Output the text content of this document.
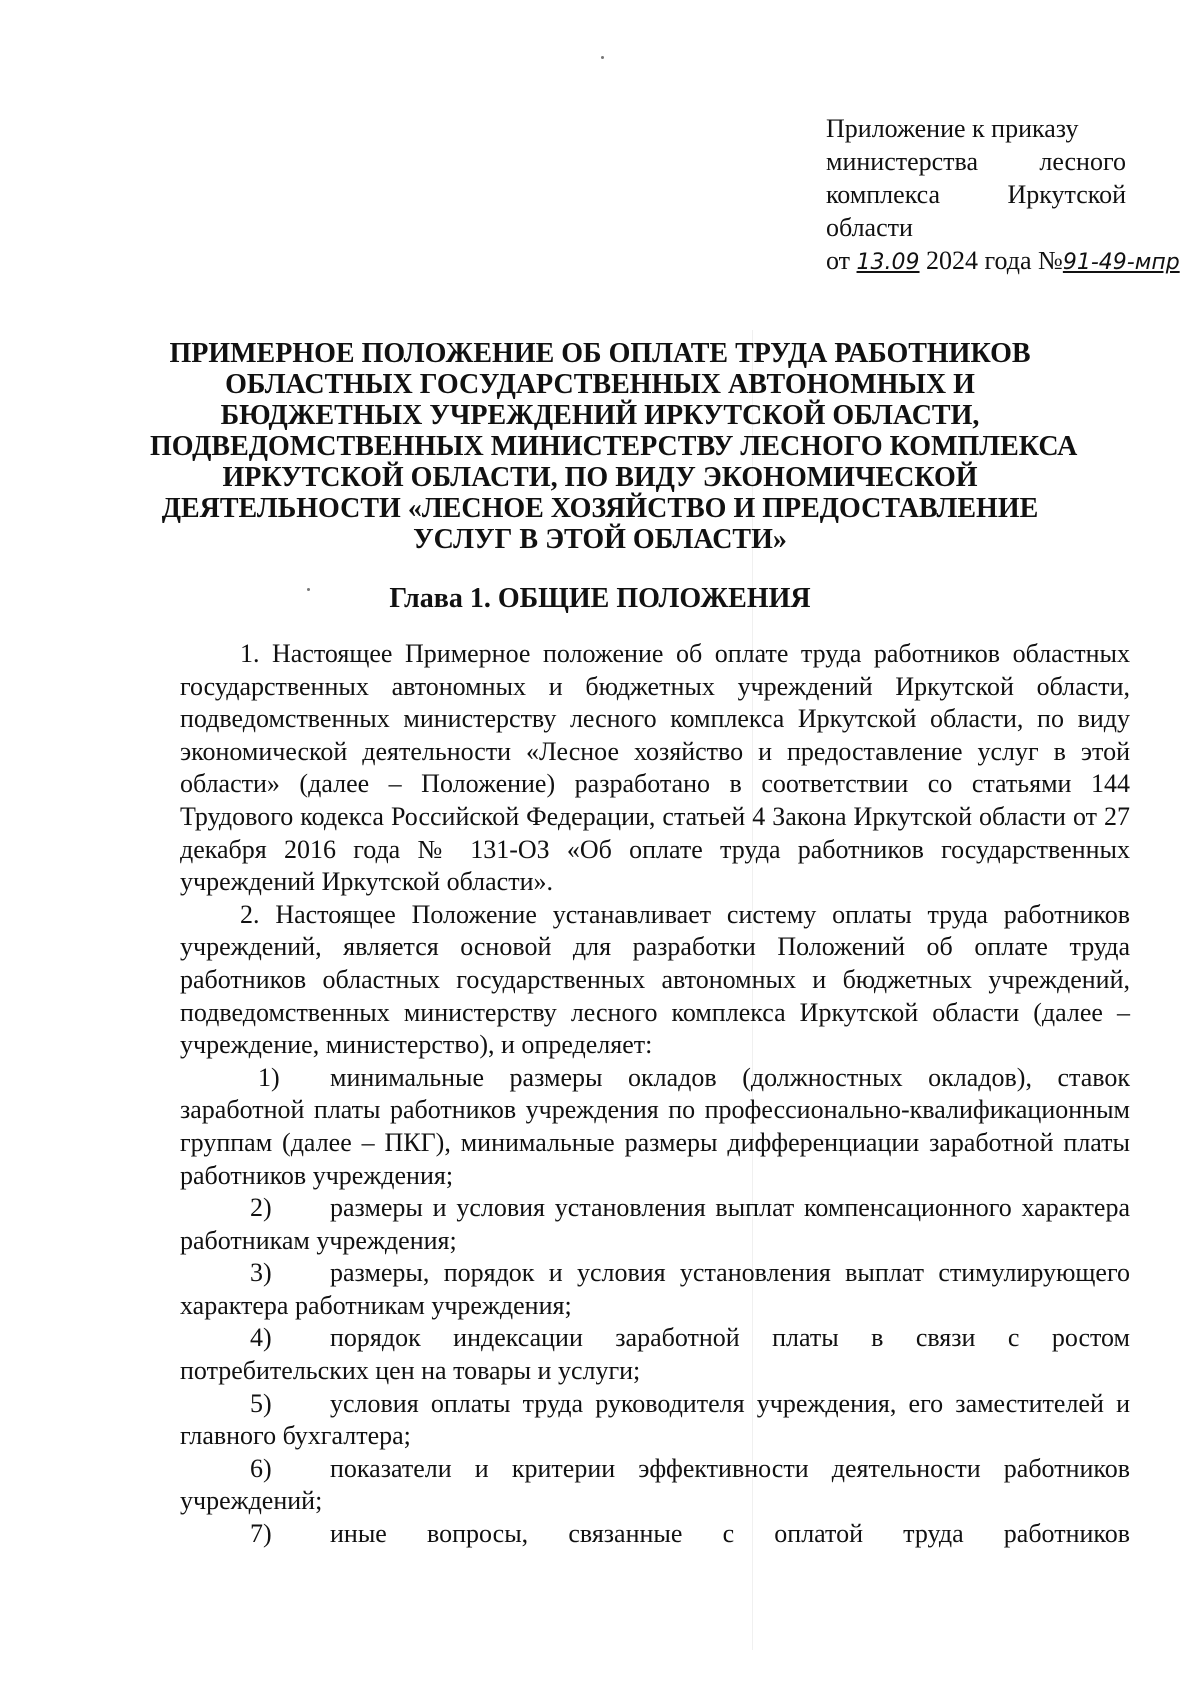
Приложение к приказу
министерства лесного
комплекса	Иркутской
области
от 13.09 2024 года №91-49-мпр
ПРИМЕРНОЕ ПОЛОЖЕНИЕ ОБ ОПЛАТЕ ТРУДА РАБОТНИКОВ
ОБЛАСТНЫХ ГОСУДАРСТВЕННЫХ АВТОНОМНЫХ И
БЮДЖЕТНЫХ УЧРЕЖДЕНИЙ ИРКУТСКОЙ ОБЛАСТИ,
ПОДВЕДОМСТВЕННЫХ МИНИСТЕРСТВУ ЛЕСНОГО КОМПЛЕКСА
ИРКУТСКОЙ ОБЛАСТИ, ПО ВИДУ ЭКОНОМИЧЕСКОЙ
ДЕЯТЕЛЬНОСТИ «ЛЕСНОЕ ХОЗЯЙСТВО И ПРЕДОСТАВЛЕНИЕ
УСЛУГ В ЭТОЙ ОБЛАСТИ»
Глава 1. ОБЩИЕ ПОЛОЖЕНИЯ

1. Настоящее Примерное положение об оплате труда работников областных государственных автономных и бюджетных учреждений Иркутской области, подведомственных министерству лесного комплекса Иркутской области, по виду экономической деятельности «Лесное хозяйство и предоставление услуг в этой области» (далее – Положение) разработано в соответствии со статьями 144 Трудового кодекса Российской Федерации, статьей 4 Закона Иркутской области от 27 декабря 2016 года № 131-ОЗ «Об оплате труда работников государственных учреждений Иркутской области».

2. Настоящее Положение устанавливает систему оплаты труда работников учреждений, является основой для разработки Положений об оплате труда работников областных государственных автономных и бюджетных учреждений, подведомственных министерству лесного комплекса Иркутской области (далее – учреждение, министерство), и определяет:

1) минимальные размеры окладов (должностных окладов), ставок заработной платы работников учреждения по профессионально-квалификационным группам (далее – ПКГ), минимальные размеры дифференциации заработной платы работников учреждения;

2) размеры и условия установления выплат компенсационного характера работникам учреждения;

3) размеры, порядок и условия установления выплат стимулирующего характера работникам учреждения;

4) порядок индексации заработной платы в связи с ростом потребительских цен на товары и услуги;

5) условия оплаты труда руководителя учреждения, его заместителей и главного бухгалтера;

6) показатели и критерии эффективности деятельности работников учреждений;

7) иные вопросы, связанные с оплатой труда работников
